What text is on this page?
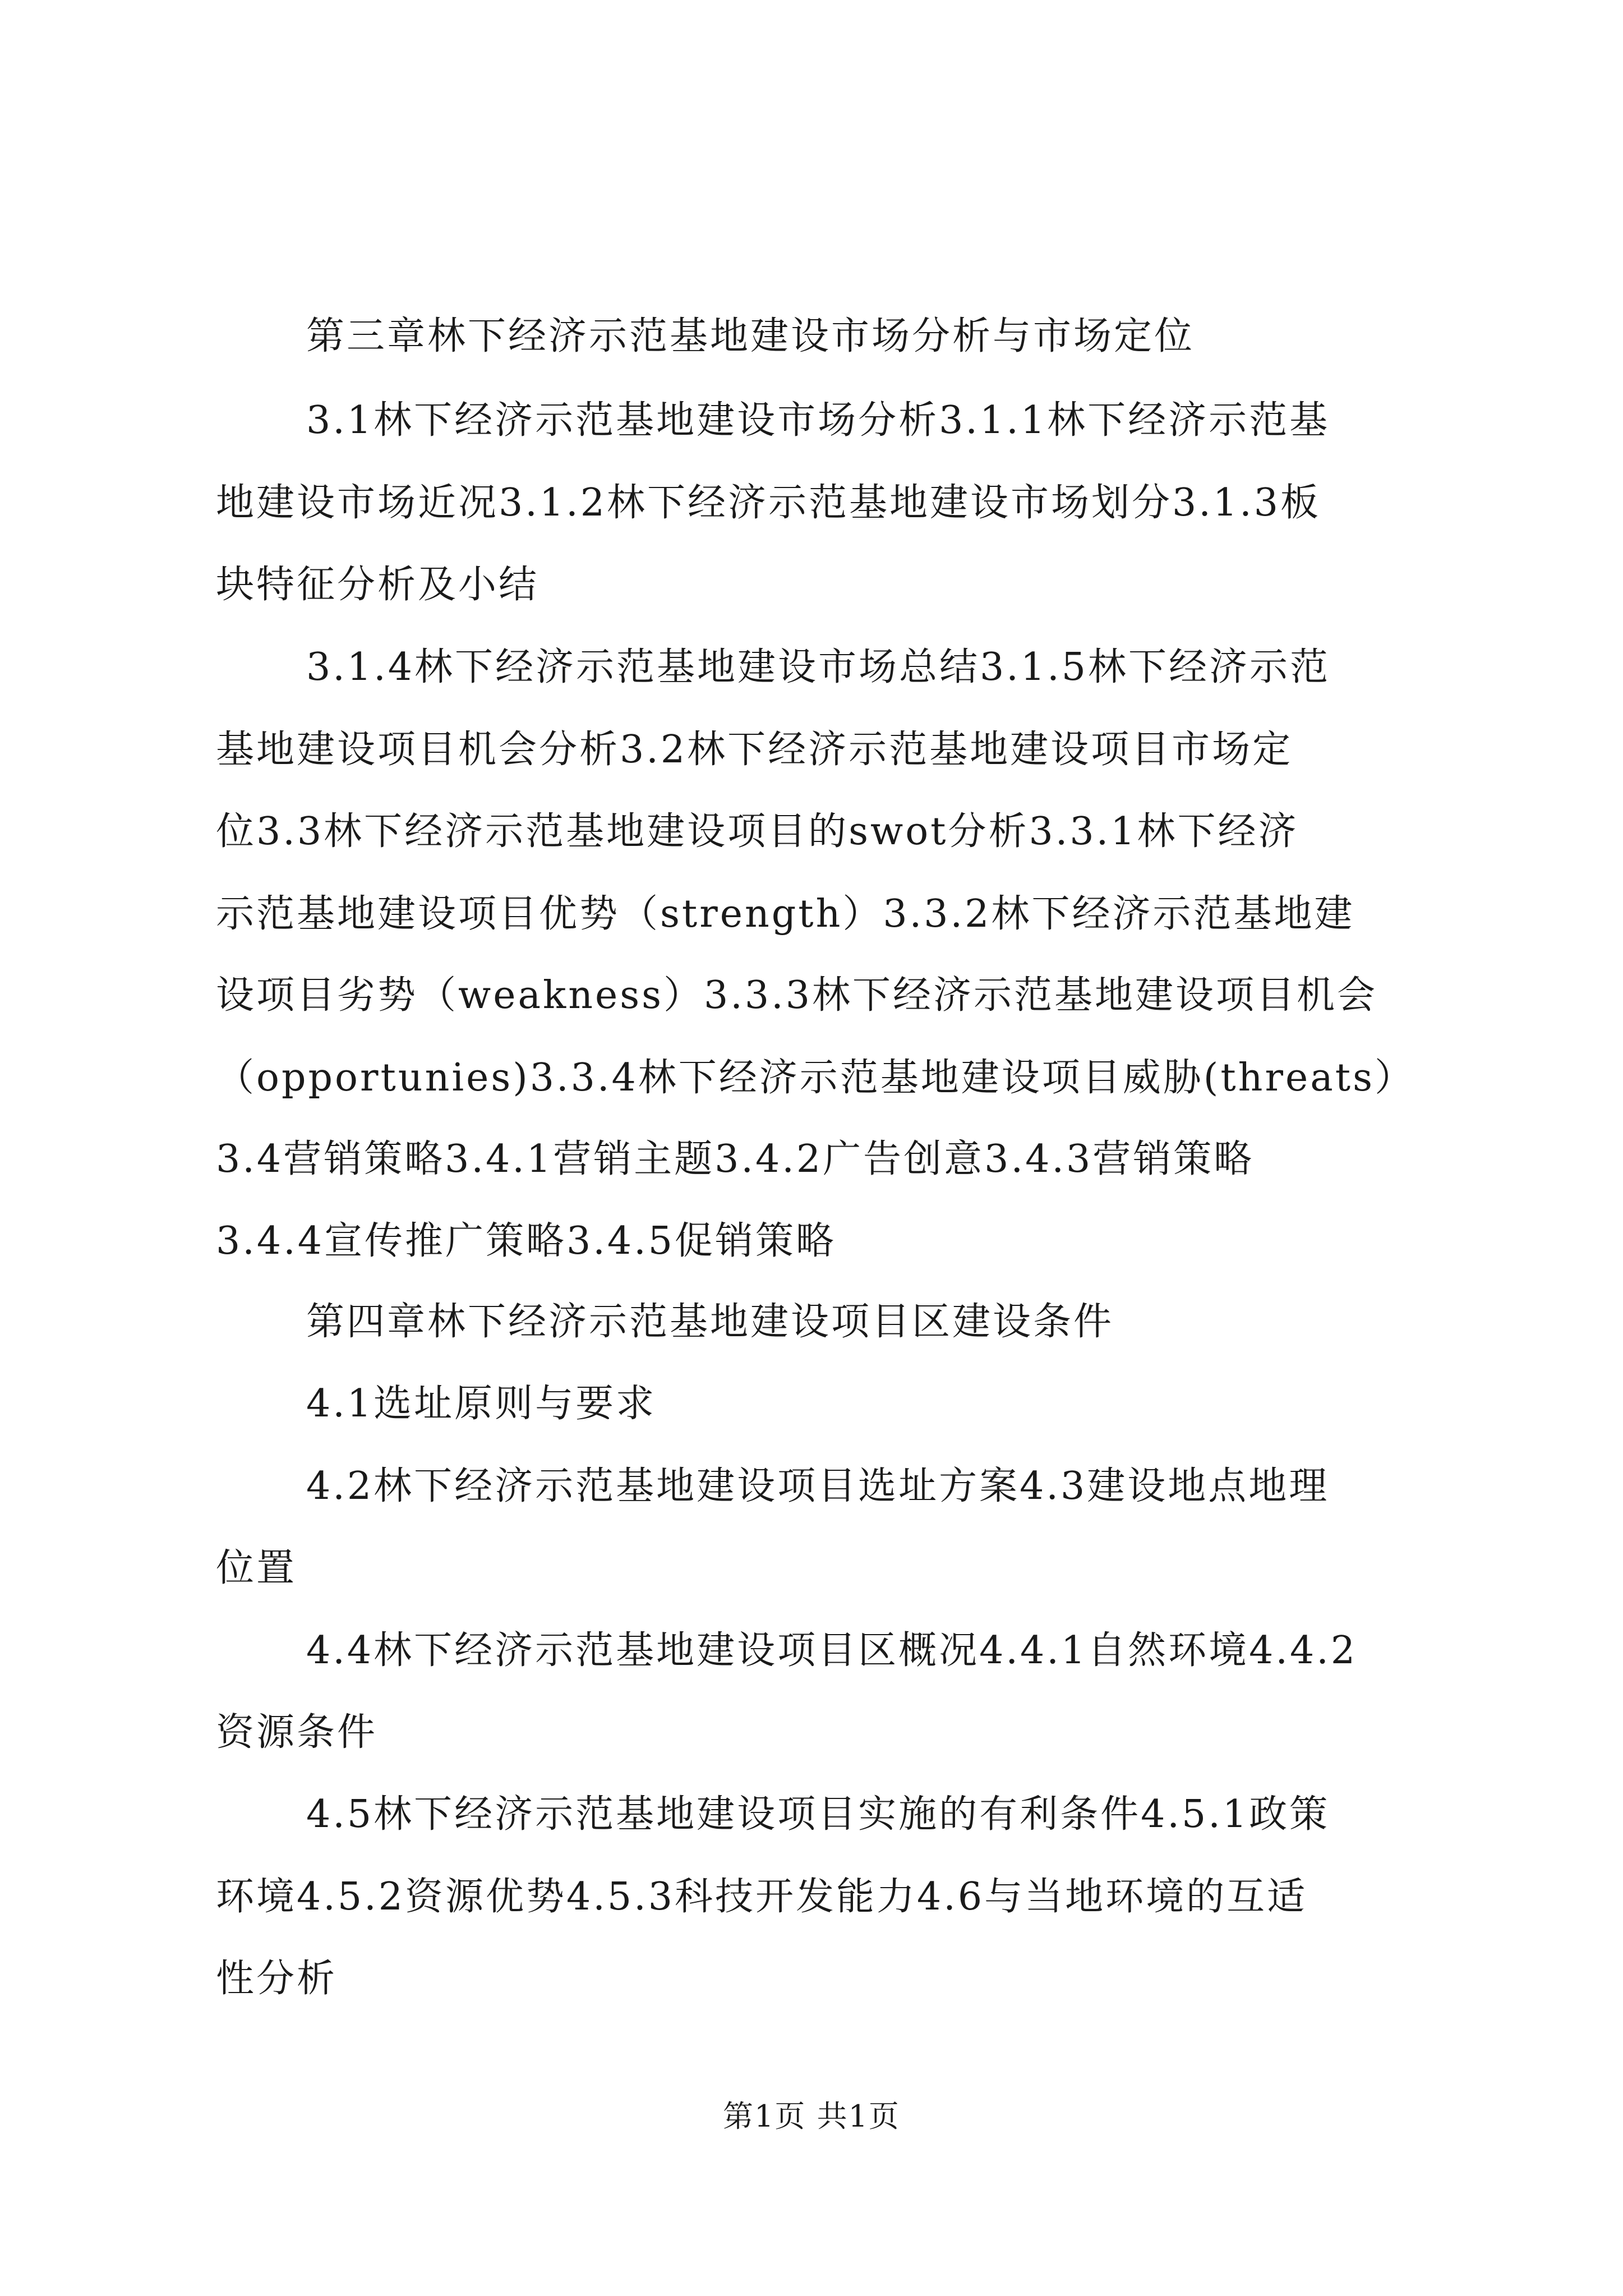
第三章林下经济示范基地建设市场分析与市场定位

3.1林下经济示范基地建设市场分析3.1.1林下经济示范基

地建设市场近况3.1.2林下经济示范基地建设市场划分3.1.3板

块特征分析及小结

3.1.4林下经济示范基地建设市场总结3.1.5林下经济示范

基地建设项目机会分析3.2林下经济示范基地建设项目市场定

位3.3林下经济示范基地建设项目的swot分析3.3.1林下经济

示范基地建设项目优势（strength）3.3.2林下经济示范基地建

设项目劣势（weakness）3.3.3林下经济示范基地建设项目机会

（opportunies)3.3.4林下经济示范基地建设项目威胁(threats）

3.4营销策略3.4.1营销主题3.4.2广告创意3.4.3营销策略

3.4.4宣传推广策略3.4.5促销策略

第四章林下经济示范基地建设项目区建设条件

4.1选址原则与要求

4.2林下经济示范基地建设项目选址方案4.3建设地点地理

位置

4.4林下经济示范基地建设项目区概况4.4.1自然环境4.4.2

资源条件

4.5林下经济示范基地建设项目实施的有利条件4.5.1政策

环境4.5.2资源优势4.5.3科技开发能力4.6与当地环境的互适

性分析

第1页 共1页
